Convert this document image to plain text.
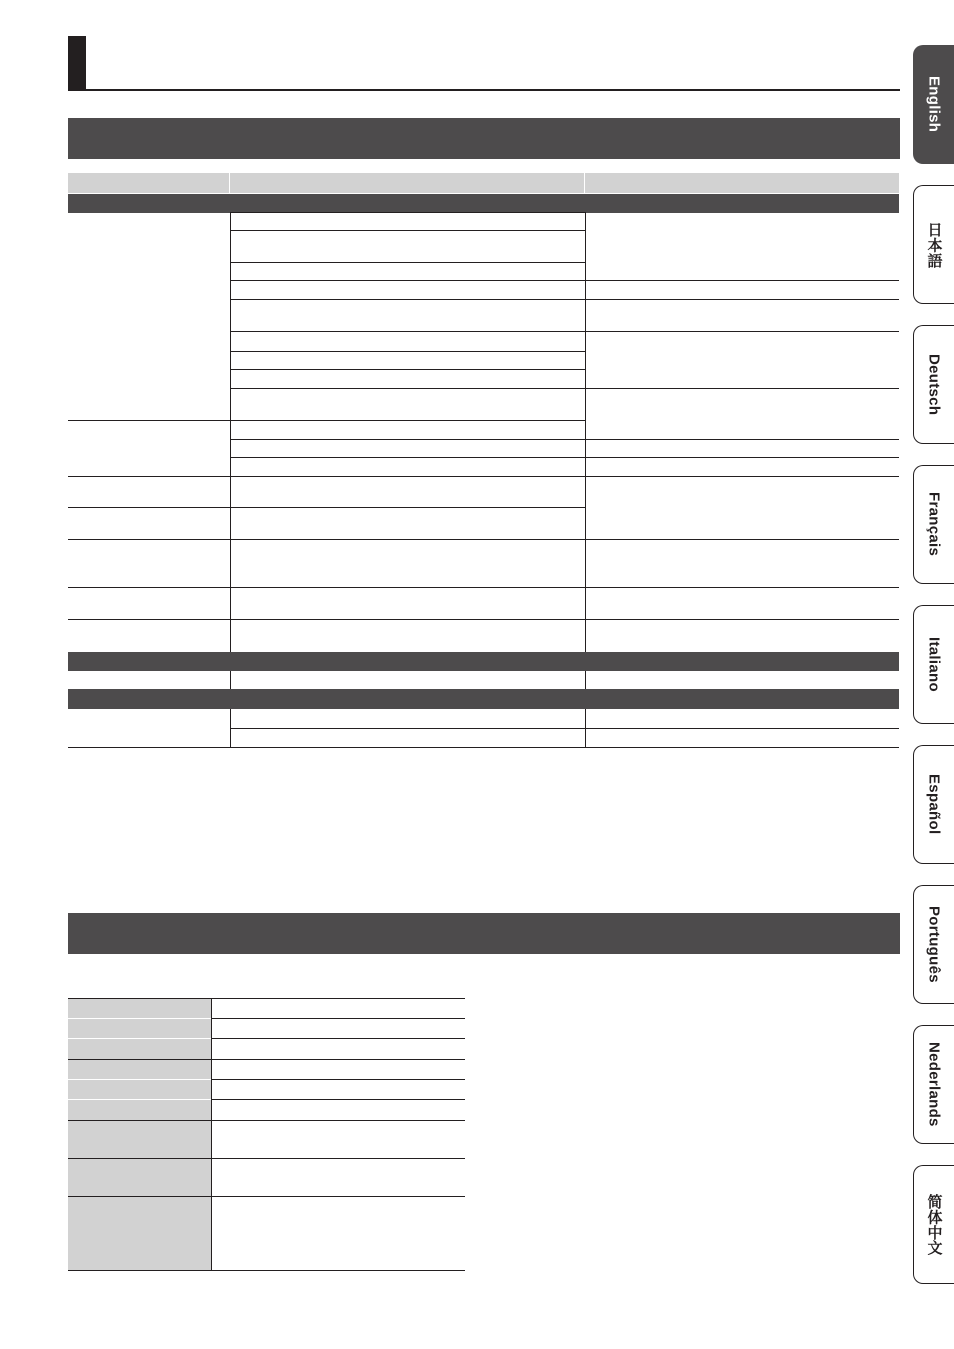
English
日本語
Deutsch
Français
Italiano
Español
Português
Nederlands
简体中文
